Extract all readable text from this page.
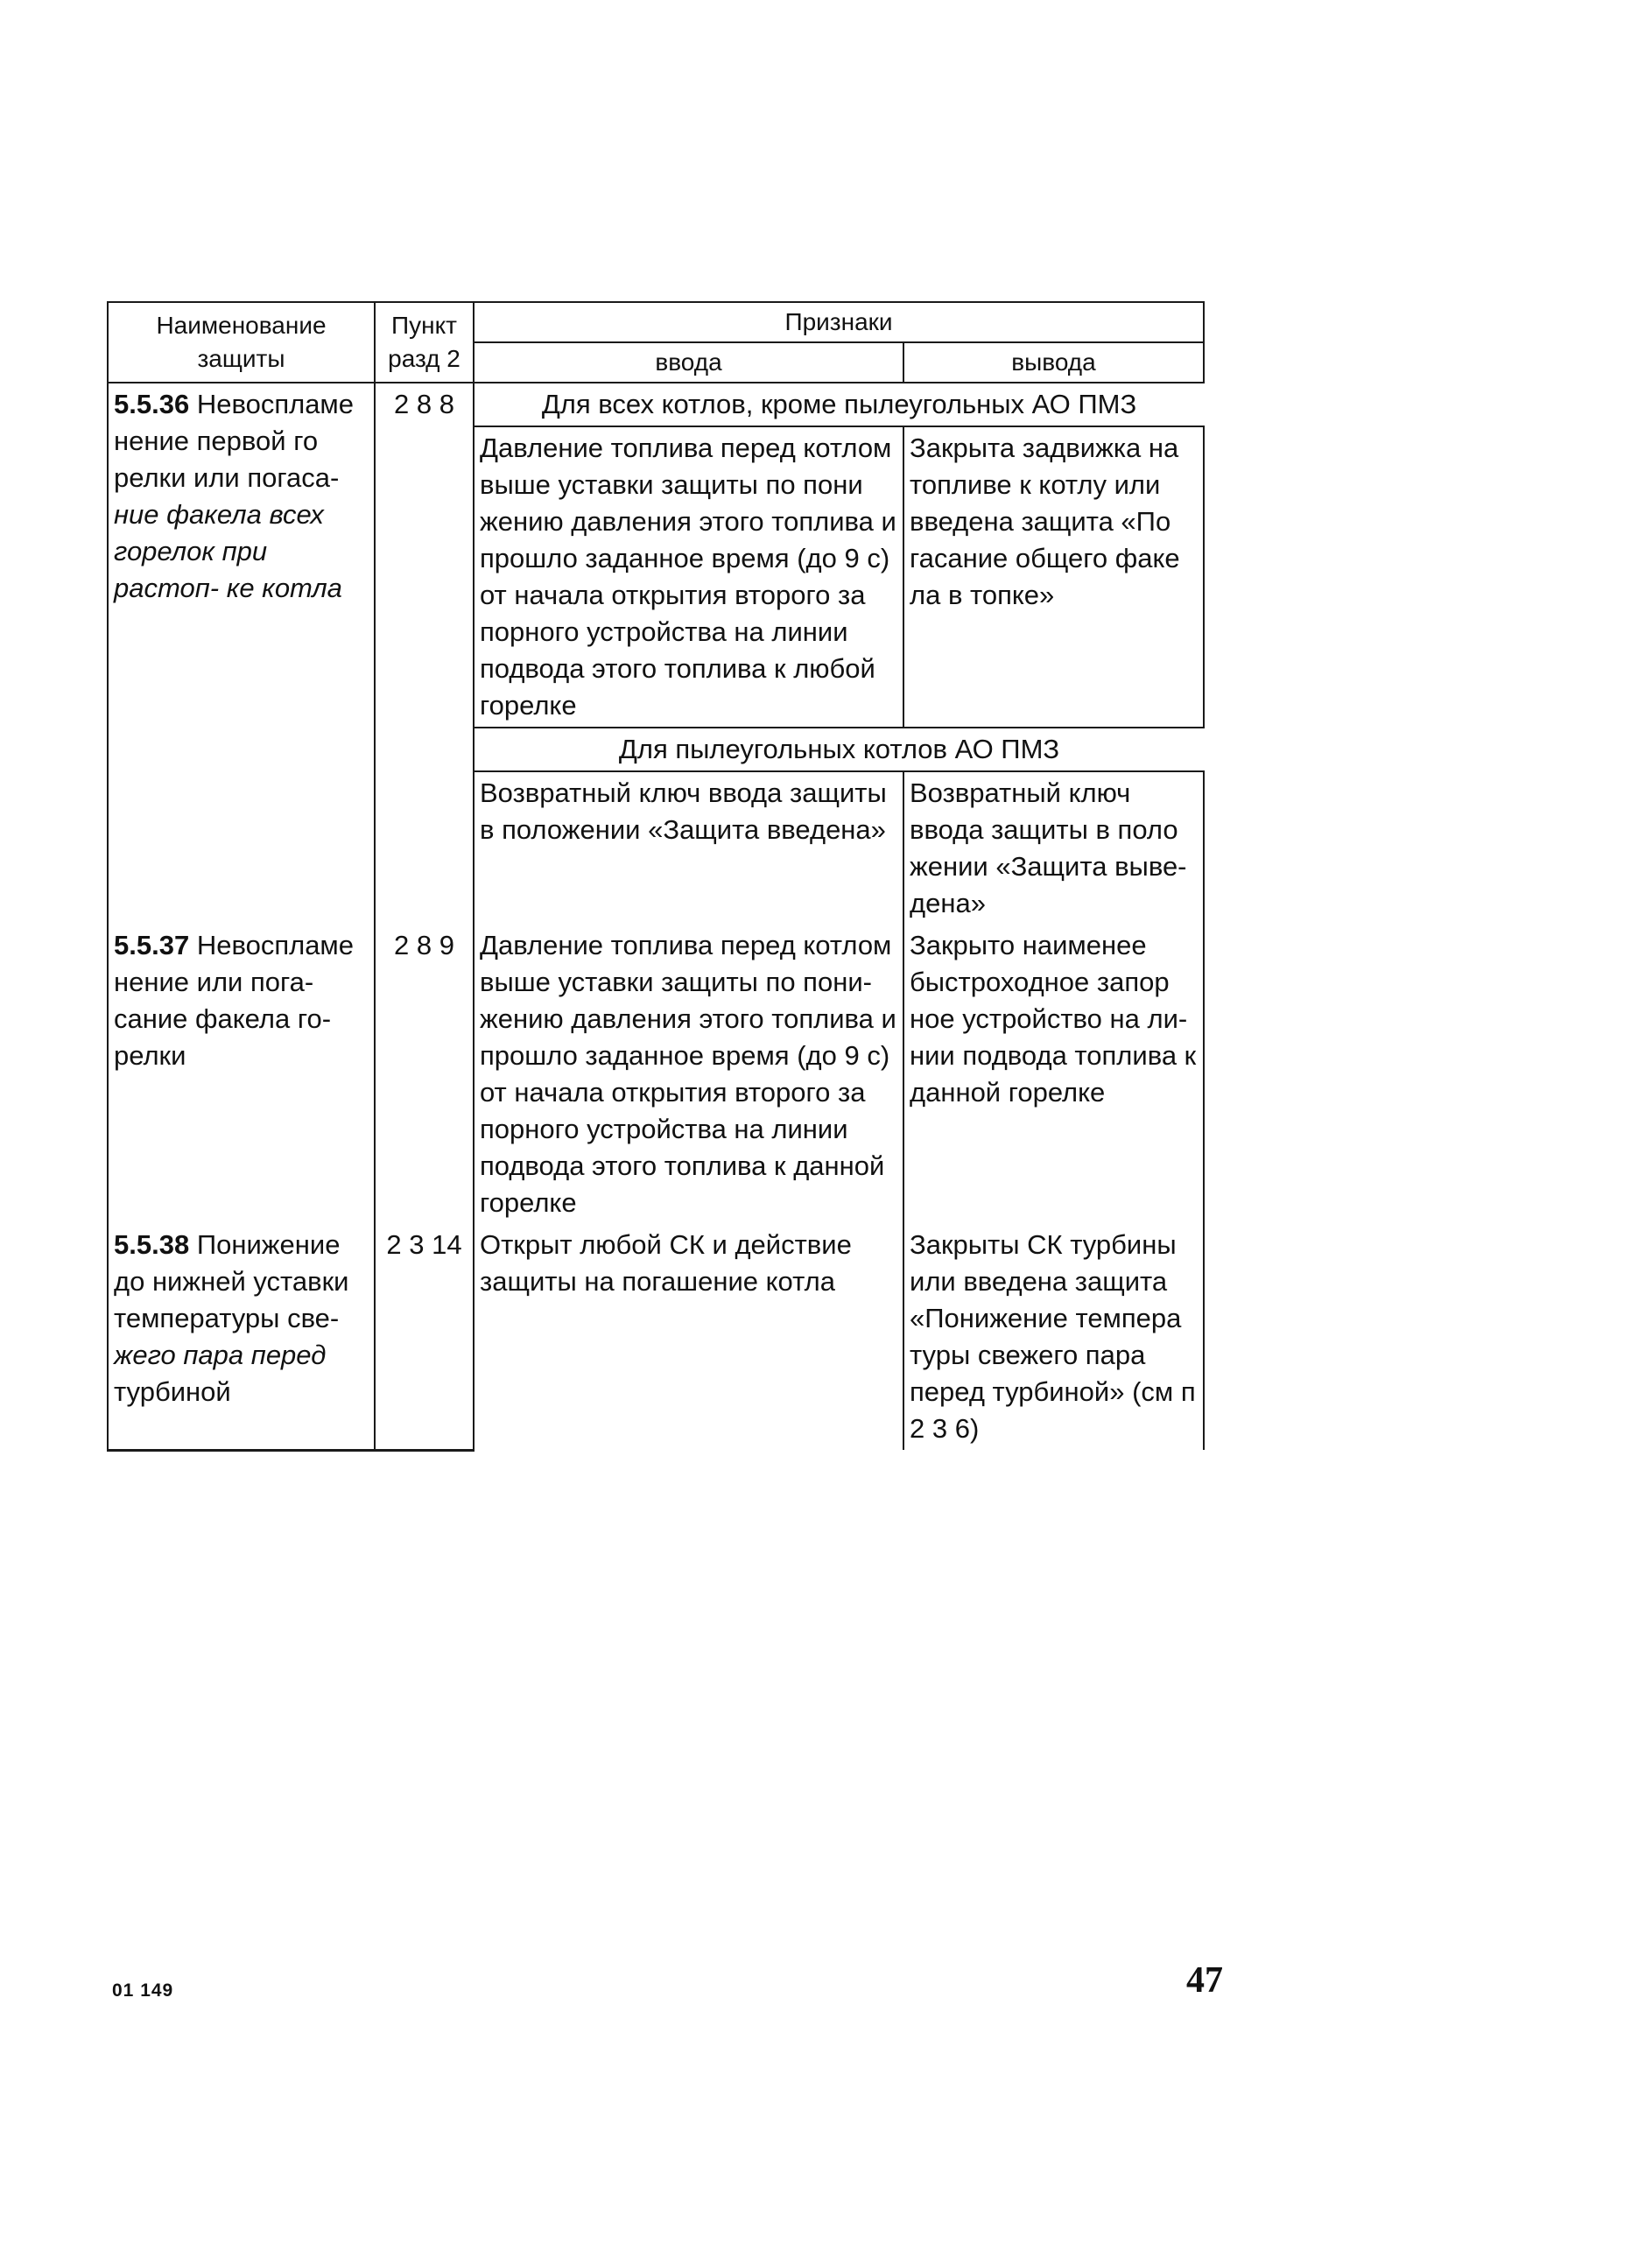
Наименование защиты	Пункт разд 2	Признаки	
		ввода	вывода
5.5.36 Невоспламе нение первой го релки или погаса- ние факела всех горелок при растоп- ке котла	2 8 8	Для всех котлов, кроме пылеугольных АО ПМЗ	
		Давление топлива перед котлом выше уставки защиты по пони жению давления этого топлива и прошло заданное время (до 9 с) от начала открытия второго за порного устройства на линии подвода этого топлива к любой горелке	Закрыта задвижка на топливе к котлу или введена защита «По гасание общего факе ла в топке»
		Для пылеугольных котлов АО ПМЗ	
		Возвратный ключ ввода защиты в положении «Защита введена»	Возвратный ключ ввода защиты в поло жении «Защита выве- дена»
5.5.37 Невоспламе нение или пога- сание факела го- релки	2 8 9	Давление топлива перед котлом выше уставки защиты по пони- жению давления этого топлива и прошло заданное время (до 9 с) от начала открытия второго за порного устройства на линии подвода этого топлива к данной горелке	Закрыто наименее быстроходное запор ное устройство на ли- нии подвода топлива к данной горелке
5.5.38 Понижение до нижней уставки температуры све- жего пара перед турбиной	2 3 14	Открыт любой СК и действие защиты на погашение котла	Закрыты СК турбины или введена защита «Понижение темпера туры свежего пара перед турбиной» (см п 2 3 6)
01 149	47
